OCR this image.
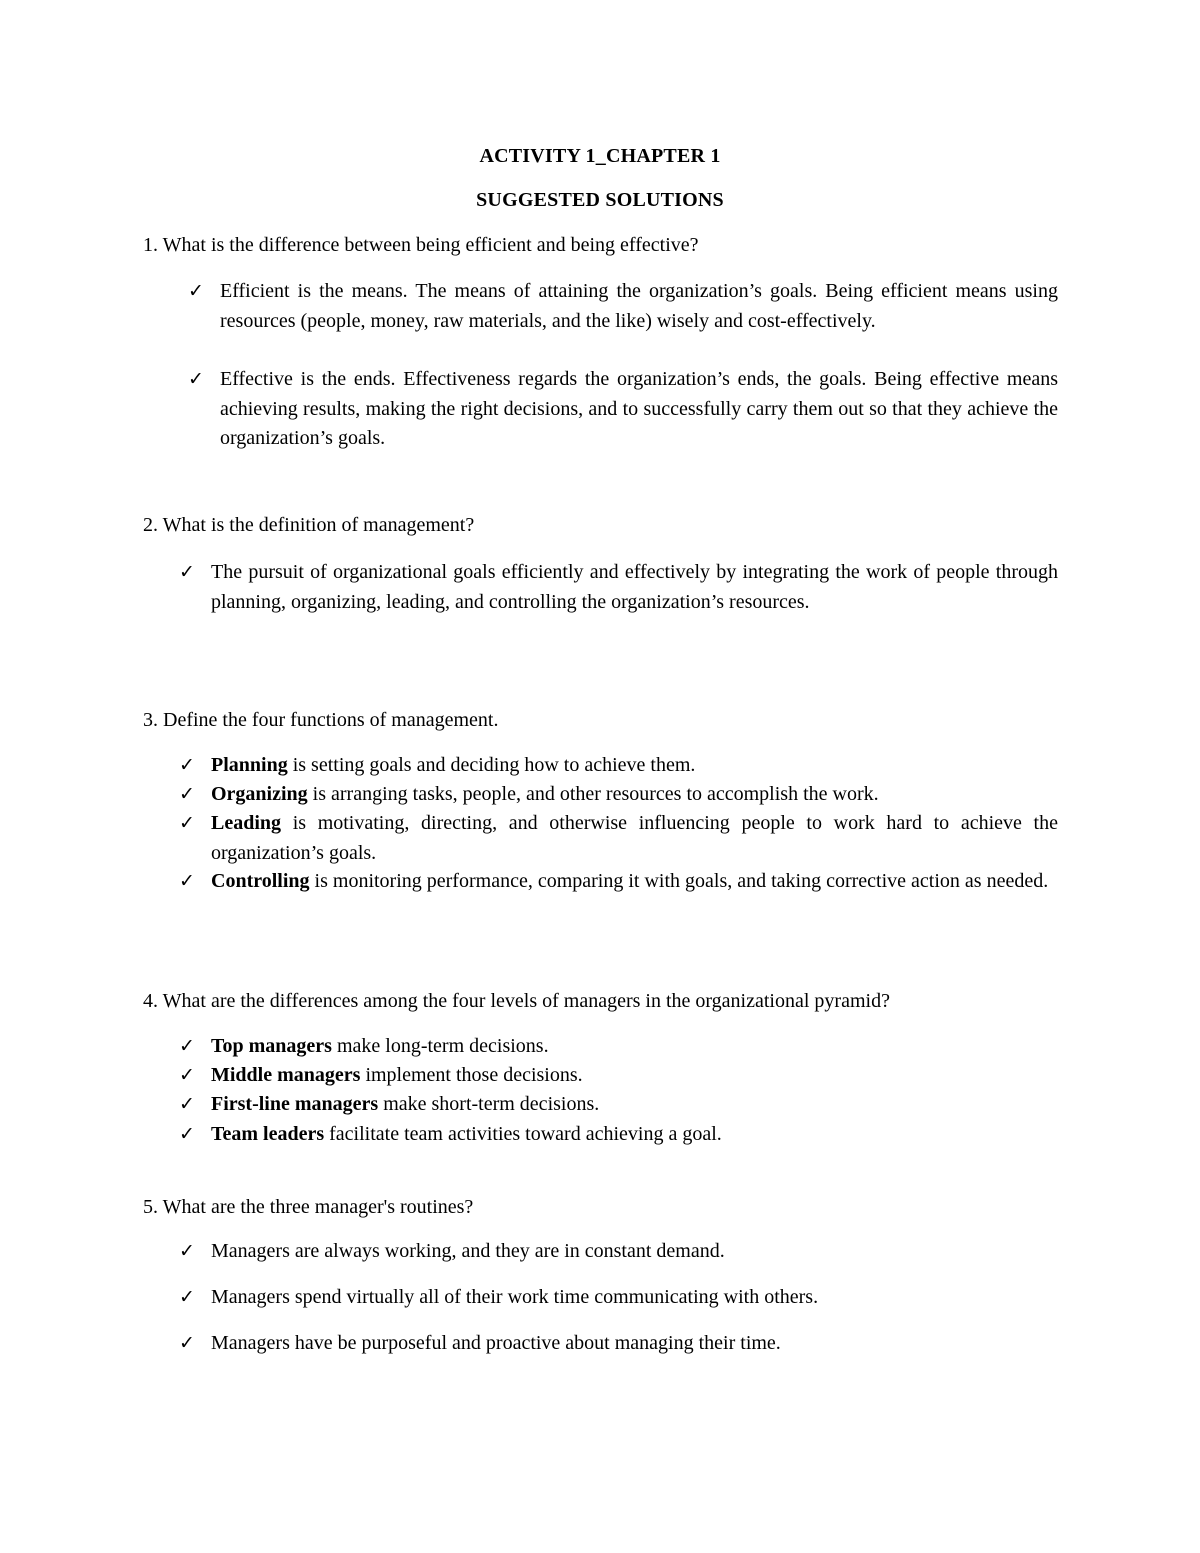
ACTIVITY 1_CHAPTER 1
SUGGESTED SOLUTIONS
1. What is the difference between being efficient and being effective?
✓ Efficient is the means. The means of attaining the organization’s goals. Being efficient means using resources (people, money, raw materials, and the like) wisely and cost-effectively.
✓ Effective is the ends. Effectiveness regards the organization’s ends, the goals. Being effective means achieving results, making the right decisions, and to successfully carry them out so that they achieve the organization’s goals.
2. What is the definition of management?
✓ The pursuit of organizational goals efficiently and effectively by integrating the work of people through planning, organizing, leading, and controlling the organization’s resources.
3. Define the four functions of management.
✓ Planning is setting goals and deciding how to achieve them.
✓ Organizing is arranging tasks, people, and other resources to accomplish the work.
✓ Leading is motivating, directing, and otherwise influencing people to work hard to achieve the organization’s goals.
✓ Controlling is monitoring performance, comparing it with goals, and taking corrective action as needed.
4. What are the differences among the four levels of managers in the organizational pyramid?
✓ Top managers make long-term decisions.
✓ Middle managers implement those decisions.
✓ First-line managers make short-term decisions.
✓ Team leaders facilitate team activities toward achieving a goal.
5. What are the three manager's routines?
✓ Managers are always working, and they are in constant demand.
✓ Managers spend virtually all of their work time communicating with others.
✓ Managers have be purposeful and proactive about managing their time.
